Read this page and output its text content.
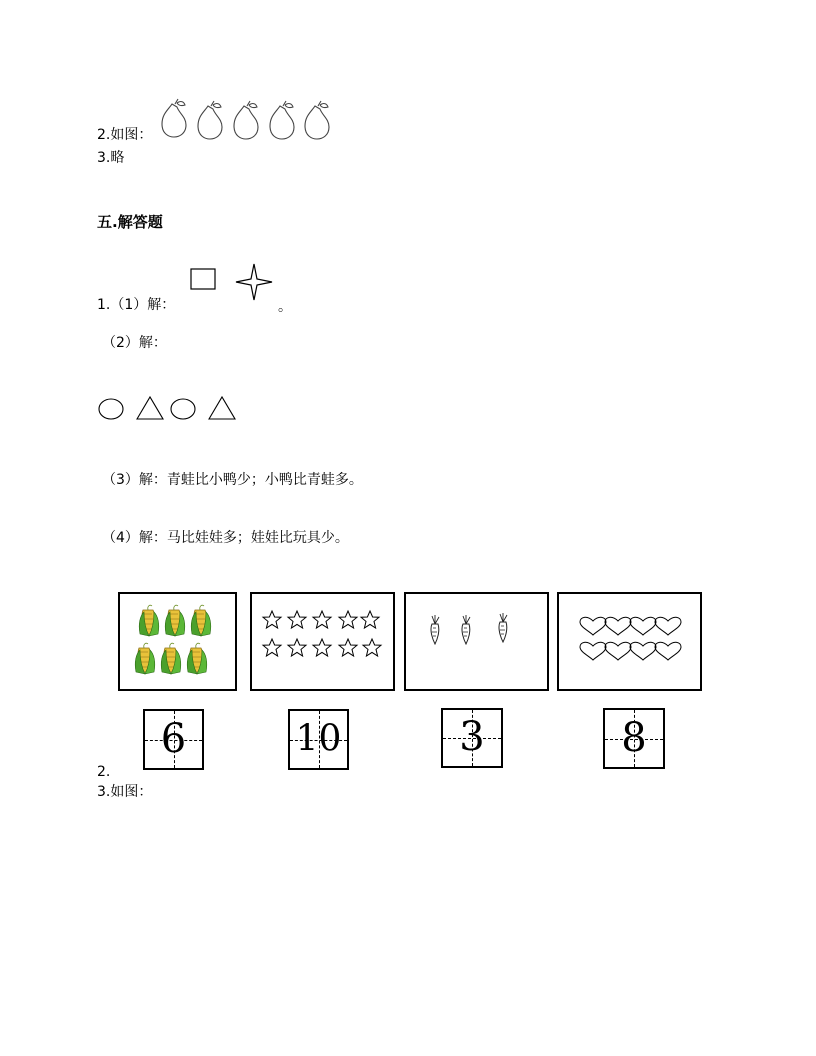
2.如图：
3.略
五.解答题
1.（1）解：	。
（2）解：
（3）解：青蛙比小鸭少；小鸭比青蛙多。
（4）解：马比娃娃多；娃娃比玩具少。
2.
6	10	3	8
3.如图：
